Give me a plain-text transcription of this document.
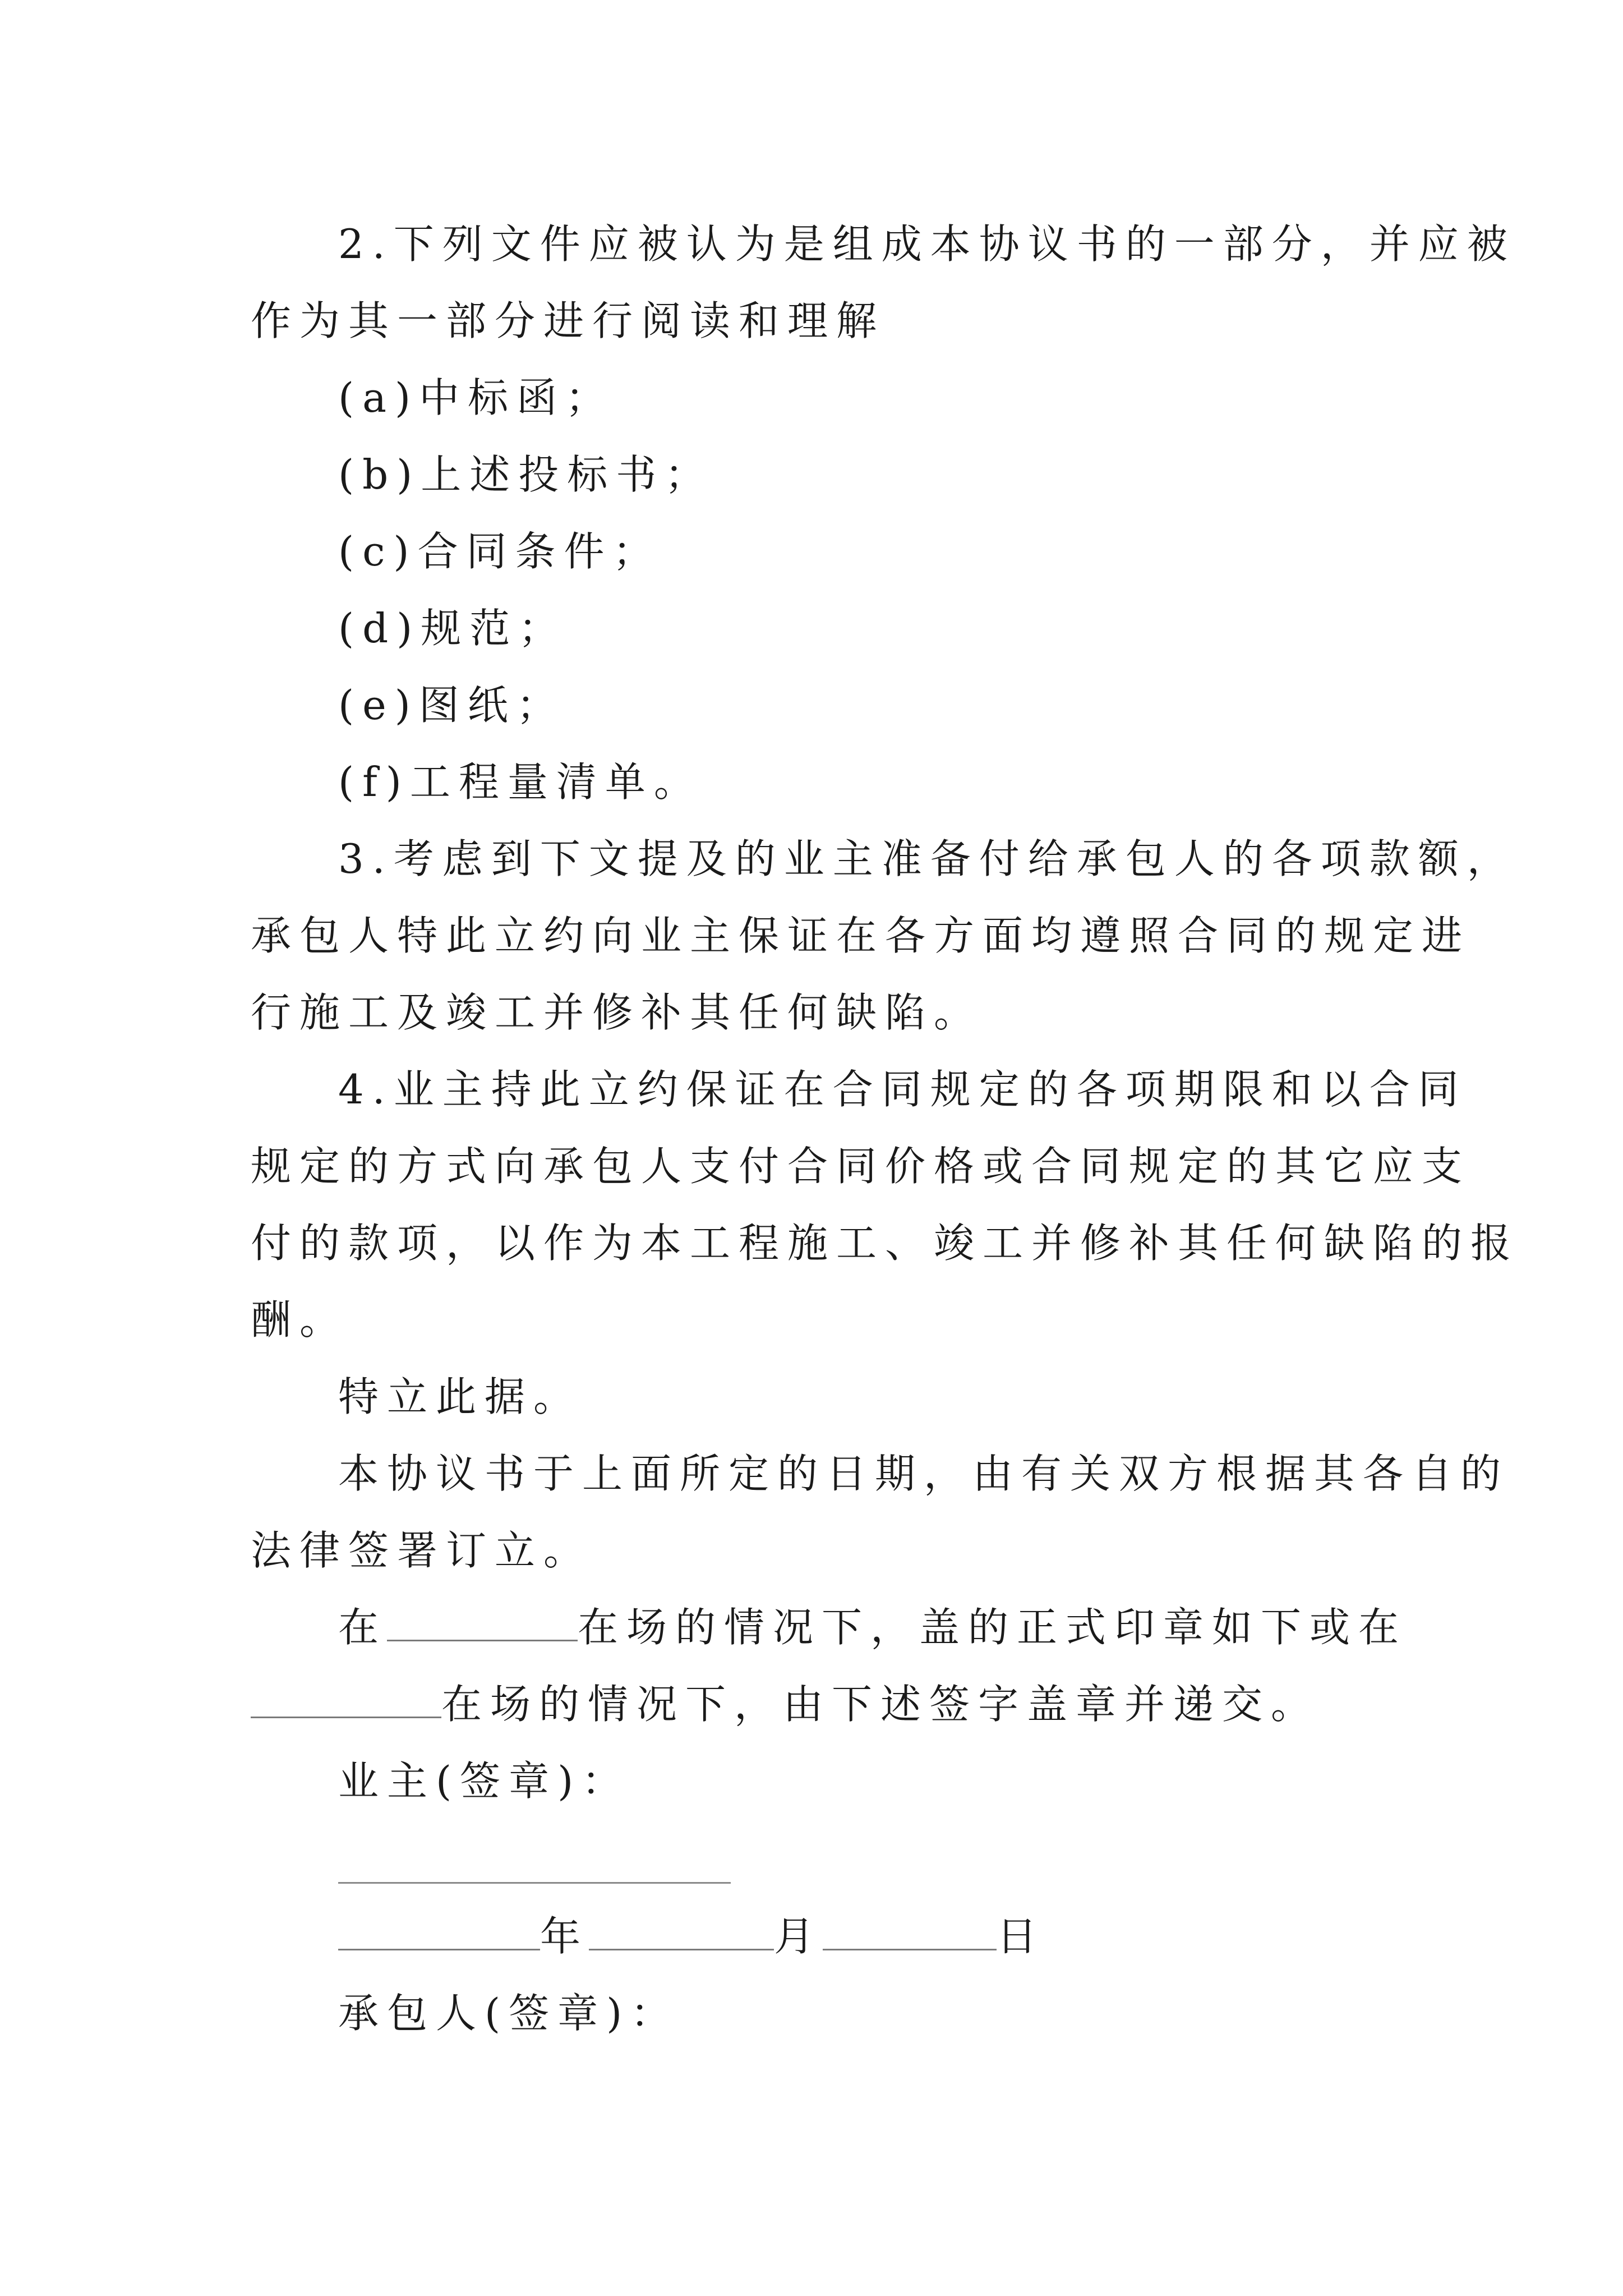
2.下列文件应被认为是组成本协议书的一部分，并应被
作为其一部分进行阅读和理解
(a)中标函；
(b)上述投标书；
(c)合同条件；
(d)规范；
(e)图纸；
(f)工程量清单。
3.考虑到下文提及的业主准备付给承包人的各项款额，
承包人特此立约向业主保证在各方面均遵照合同的规定进
行施工及竣工并修补其任何缺陷。
4.业主持此立约保证在合同规定的各项期限和以合同
规定的方式向承包人支付合同价格或合同规定的其它应支
付的款项，以作为本工程施工、竣工并修补其任何缺陷的报
酬。
特立此据。
本协议书于上面所定的日期，由有关双方根据其各自的
法律签署订立。
在	在场的情况下，盖的正式印章如下或在
在场的情况下，由下述签字盖章并递交。
业主(签章)：
年	月	日
承包人(签章)：
